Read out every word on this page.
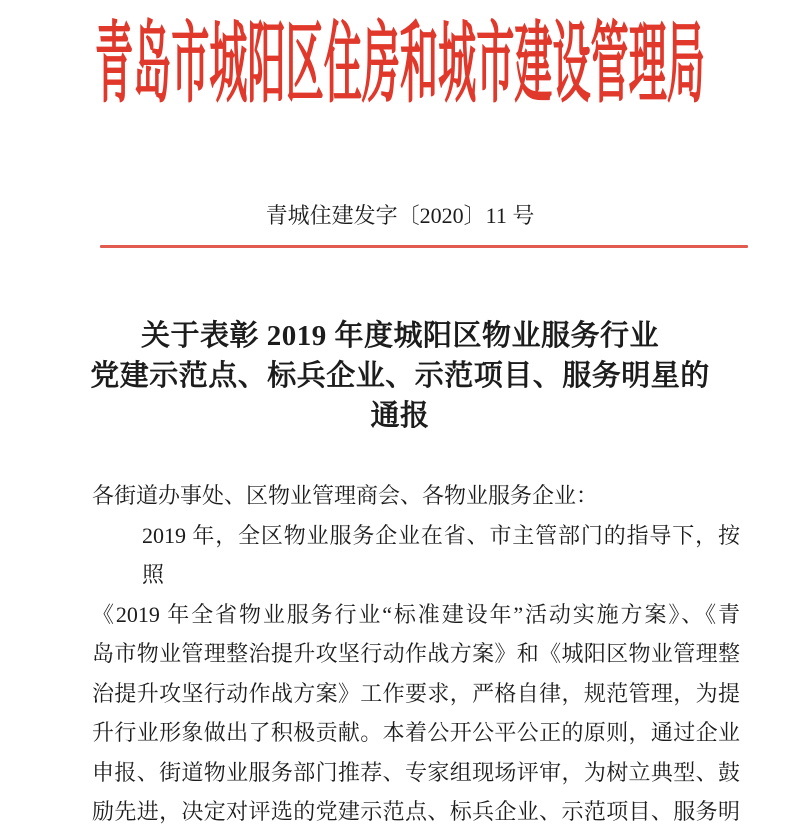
青岛市城阳区住房和城市建设管理局
青城住建发字〔2020〕11 号
关于表彰 2019 年度城阳区物业服务行业
党建示范点、标兵企业、示范项目、服务明星的
通报
各街道办事处、区物业管理商会、各物业服务企业：
2019 年，全区物业服务企业在省、市主管部门的指导下，按照
《2019 年全省物业服务行业“标准建设年”活动实施方案》、《青
岛市物业管理整治提升攻坚行动作战方案》和《城阳区物业管理整
治提升攻坚行动作战方案》工作要求，严格自律，规范管理，为提
升行业形象做出了积极贡献。本着公开公平公正的原则，通过企业
申报、街道物业服务部门推荐、专家组现场评审，为树立典型、鼓
励先进，决定对评选的党建示范点、标兵企业、示范项目、服务明
